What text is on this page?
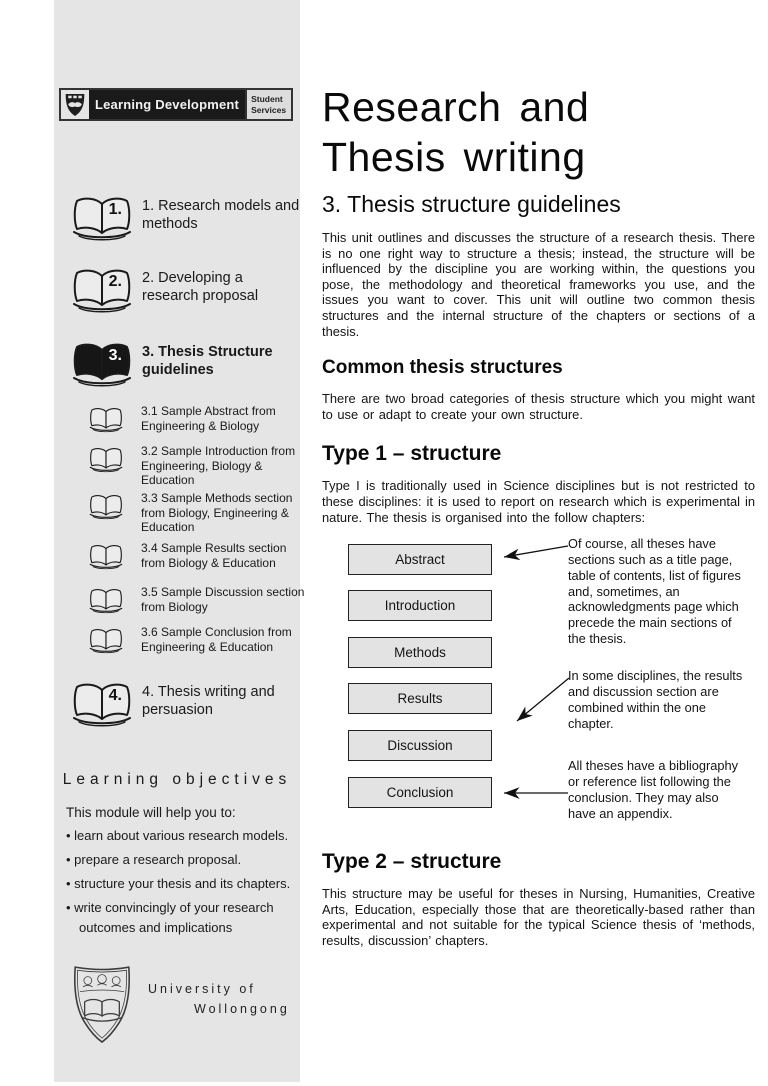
Learning Development	Student
Services
1. 1. Research models and methods
2. 2. Developing a research proposal
3. 3. Thesis Structure guidelines
3.1 Sample Abstract from Engineering & Biology
3.2 Sample Introduction from Engineering, Biology & Education
3.3 Sample Methods section from Biology, Engineering & Education
3.4 Sample Results section from Biology & Education
3.5 Sample Discussion section from Biology
3.6 Sample Conclusion from Engineering & Education
4. 4. Thesis writing and persuasion
Learning objectives
This module will help you to:
• learn about various research models.
• prepare a research proposal.
• structure your thesis and its chapters.
• write convincingly of your research outcomes and implications
University of
Wollongong
Research and
Thesis writing
3. Thesis structure guidelines

This unit outlines and discusses the structure of a research thesis. There is no one right way to structure a thesis; instead, the structure will be influenced by the discipline you are working within, the questions you pose, the methodology and theoretical frameworks you use, and the issues you want to cover. This unit will outline two common thesis structures and the internal structure of the chapters or sections of a thesis.

Common thesis structures

There are two broad categories of thesis structure which you might want to use or adapt to create your own structure.

Type 1 – structure

Type I is traditionally used in Science disciplines but is not restricted to these disciplines: it is used to report on research which is experimental in nature. The thesis is organised into the follow chapters:

Abstract
Introduction
Methods
Results
Discussion
Conclusion
Of course, all theses have sections such as a title page, table of contents, list of figures and, sometimes, an acknowledgments page which precede the main sections of the thesis.
In some disciplines, the results and discussion section are combined within the one chapter.
All theses have a bibliography or reference list following the conclusion. They may also have an appendix.
Type 2 – structure

This structure may be useful for theses in Nursing, Humanities, Creative Arts, Education, especially those that are theoretically-based rather than experimental and not suitable for the typical Science thesis of ‘methods, results, discussion’ chapters.
